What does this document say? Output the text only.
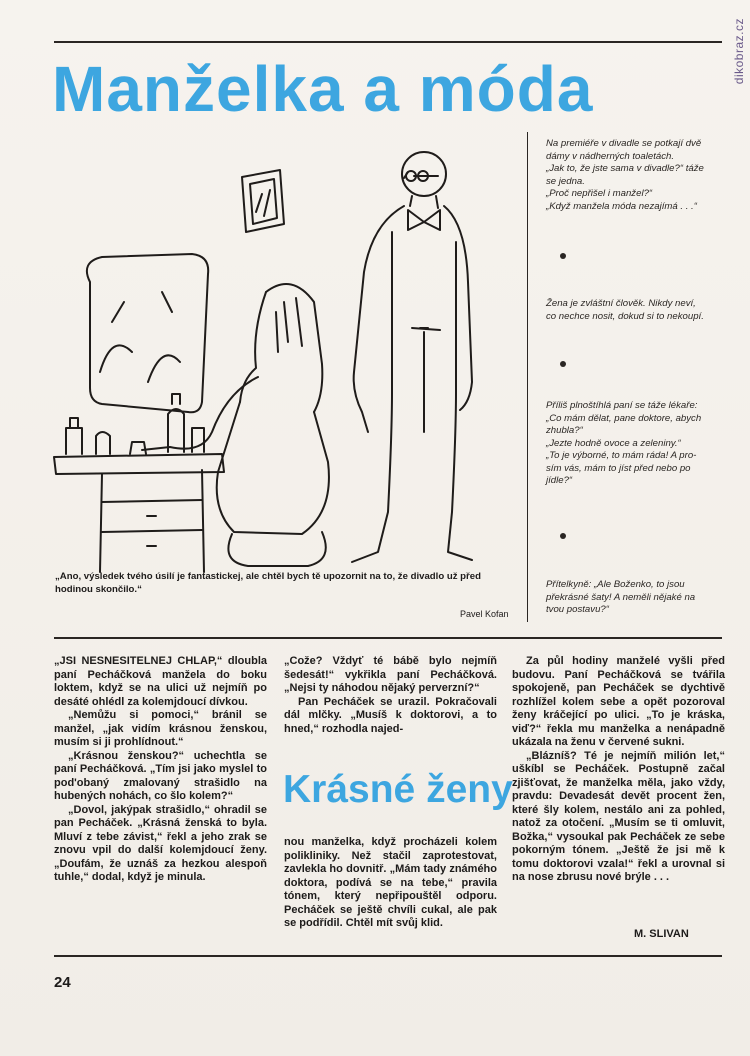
dikobraz.cz
Manželka a móda
„Ano, výsledek tvého úsilí je fantastickej, ale chtěl bych tě upozornit na to, že divadlo už před hodinou skončilo.“
Pavel Kofan

Na premiéře v divadle se potkají dvě

dámy v nádherných toaletách.

„Jak to, že jste sama v divadle?“ táže

se jedna.

„Proč nepřišel i manžel?“

„Když manžela móda nezajímá . . .“

Žena je zvláštní člověk. Nikdy neví,

co nechce nosit, dokud si to nekoupí.

Příliš plnoštíhlá paní se táže lékaře:

„Co mám dělat, pane doktore, abych

zhubla?“

„Jezte hodně ovoce a zeleniny.“

„To je výborné, to mám ráda! A pro-

sím vás, mám to jíst před nebo po

jídle?“

Přítelkyně: „Ale Boženko, to jsou

překrásné šaty! A neměli nějaké na

tvou postavu?“

„JSI NESNESITELNEJ CHLAP,“ dloubla paní Pecháčková manžela do boku loktem, když se na ulici už nejmíň po desáté ohlédl za kolemjdoucí dívkou.

„Nemůžu si pomoci,“ bránil se manžel, „jak vidím krásnou ženskou, musím si ji prohlídnout.“

„Krásnou ženskou?“ uchechtla se paní Pecháčková. „Tím jsi jako myslel to pod'obaný zmalovaný strašidlo na hubených nohách, co šlo kolem?“

„Dovol, jakýpak strašidlo,“ ohradil se pan Pecháček. „Krásná ženská to byla. Mluví z tebe závist,“ řekl a jeho zrak se znovu vpil do další kolemjdoucí ženy. „Doufám, že uznáš za hezkou alespoň tuhle,“ dodal, když je minula.

„Cože? Vždyť té bábě bylo nejmíň šedesát!“ vykřikla paní Pecháčková. „Nejsi ty náhodou nějaký perverzní?“

Pan Pecháček se urazil. Pokračovali dál mlčky. „Musíš k doktorovi, a to hned,“ rozhodla najed-

Krásné ženy

nou manželka, když procházeli kolem polikliniky. Než stačil zaprotestovat, zavlekla ho dovnitř. „Mám tady známého doktora, podívá se na tebe,“ pravila tónem, který nepřipouštěl odporu. Pecháček se ještě chvíli cukal, ale pak se podřídil. Chtěl mít svůj klid.

Za půl hodiny manželé vyšli před budovu. Paní Pecháčková se tvářila spokojeně, pan Pecháček se dychtivě rozhlížel kolem sebe a opět pozoroval ženy kráčející po ulici. „To je kráska, viď?“ řekla mu manželka a nenápadně ukázala na ženu v červené sukni.

„Blázníš? Té je nejmíň milión let,“ uškíbl se Pecháček. Postupně začal zjišťovat, že manželka měla, jako vždy, pravdu: Devadesát devět procent žen, které šly kolem, nestálo ani za pohled, natož za otočení. „Musím se ti omluvit, Božka,“ vysoukal pak Pecháček ze sebe pokorným tónem. „Ještě že jsi mě k tomu doktorovi vzala!“ řekl a urovnal si na nose zbrusu nové brýle . . .

M. SLIVAN
24
